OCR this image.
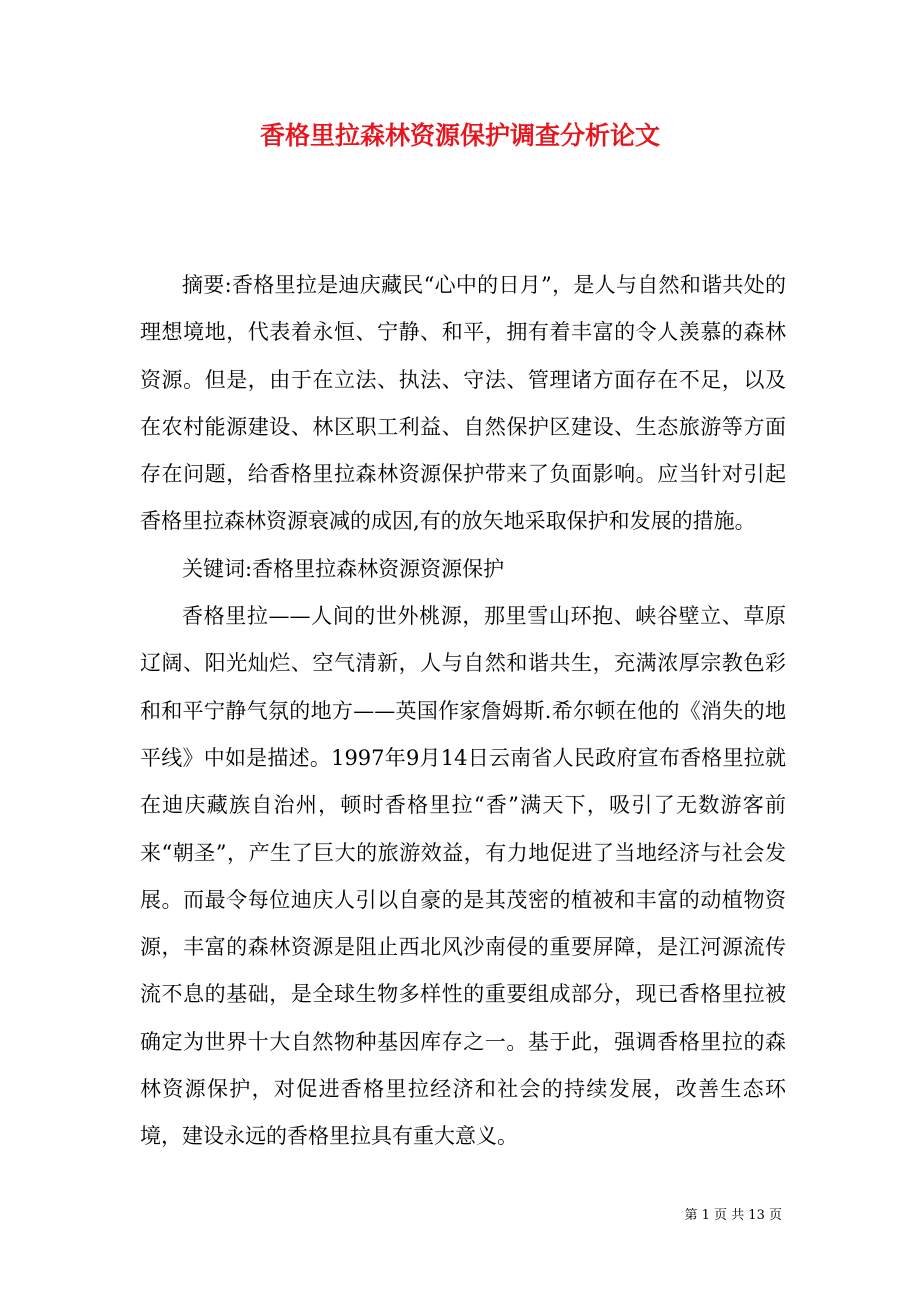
香格里拉森林资源保护调查分析论文

摘要:香格里拉是迪庆藏民“心中的日月”，是人与自然和谐共处的理想境地，代表着永恒、宁静、和平，拥有着丰富的令人羡慕的森林资源。但是，由于在立法、执法、守法、管理诸方面存在不足，以及在农村能源建设、林区职工利益、自然保护区建设、生态旅游等方面存在问题，给香格里拉森林资源保护带来了负面影响。应当针对引起香格里拉森林资源衰减的成因,有的放矢地采取保护和发展的措施。

关键词:香格里拉森林资源资源保护

香格里拉——人间的世外桃源，那里雪山环抱、峡谷壁立、草原辽阔、阳光灿烂、空气清新，人与自然和谐共生，充满浓厚宗教色彩和和平宁静气氛的地方——英国作家詹姆斯.希尔顿在他的《消失的地平线》中如是描述。1997年9月14日云南省人民政府宣布香格里拉就在迪庆藏族自治州，顿时香格里拉“香”满天下，吸引了无数游客前来“朝圣”，产生了巨大的旅游效益，有力地促进了当地经济与社会发展。而最令每位迪庆人引以自豪的是其茂密的植被和丰富的动植物资源，丰富的森林资源是阻止西北风沙南侵的重要屏障，是江河源流传流不息的基础，是全球生物多样性的重要组成部分，现已香格里拉被确定为世界十大自然物种基因库存之一。基于此，强调香格里拉的森林资源保护，对促进香格里拉经济和社会的持续发展，改善生态环境，建设永远的香格里拉具有重大意义。

第 1 页 共 13 页
